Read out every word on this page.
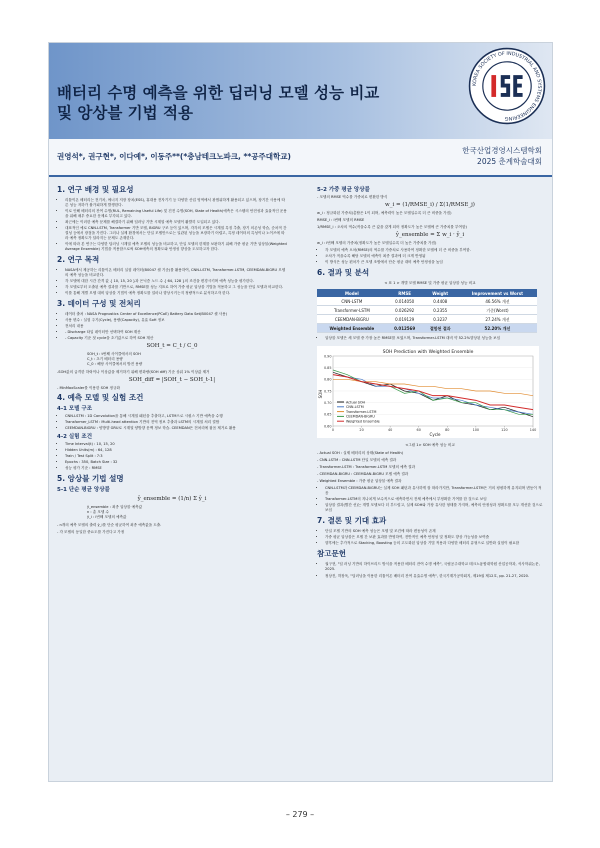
배터리 수명 예측을 위한 딥러닝 모델 성능 비교
및 앙상블 기법 적용
KOREA SOCIETY OF INDUSTRIAL AND SYSTEMS ENGINEERING
권영석*, 권구현*, 이다예*, 이동주**(*충남테크노파크, **공주대학교)
한국산업경영시스템학회
2025 춘계학술대회
1. 연구 배경 및 필요성
• 리튬이온 배터리는 전기차, 에너지 저장 장치(ESS), 휴대용 전자기기 등 다양한 산업 영역에서 광범위하게 활용되고 있으며, 장기간 사용에 따른 성능 저하가 불가피하게 발생한다.
• 이로 인해 배터리의 잔여 수명(RUL, Remaining Useful Life) 및 건전 수명(SOH, State of Health)예측은 시스템의 안전성과 효율적인 운용을 위해 매우 중요한 문제로 부각되고 있다.
• 최근에는 이러한 예측 문제를 해결하기 위해 딥러닝 기반 시계열 예측 모델이 활발히 도입되고 있다.
• 대표적인 예로 CNN-LSTM, Transformer 기반 모델, BiGRU 구조 등이 있으며, 각각의 모델은 시계열 특징 추출, 장기 의존성 학습, 순차적 간결성 등에서 장점을 가진다. 그러나 실제 환경에서는 단일 모델만으로는 일관된 성능을 보장하기 어렵고, 특정 데이터의 특성이나 노이즈에 따라 예측 정확도가 달라지는 문제도 존재한다.
• 이에 따라 본 연구는 다양한 딥러닝 시계열 예측 모델의 성능을 비교하고, 단일 모델의 한계를 보완하기 위해 가중 평균 기반 앙상블(Weighted Average Ensemble) 기법을 적용함으로써 SOH예측의 정확도와 안정성 향상을 도모하고자 한다.
2. 연구 목적
• NASA에서 제공하는 리튬이온 배터리 실험 데이터(B0047 셀 기준)를 활용하여, CNN-LSTM, Transformer-LSTM, CEEMDAN-BiGRU 모델의 예측 성능을 비교한다.
• 각 모델에 대한 시간 간격 값 { 10, 15, 20 }과 은닉층 노드 수 { 64, 128 }의 조건을 변경시키며 예측 성능을 평가한다.
• 각 모델로부터 도출된 예측 결과를 기반으로, RMSE를 성능 지표로 하여 가중 평균 앙상블 기법을 적용하고 그 성능을 단일 모델과 비교한다.
• 이를 통해 개별 모델 대비 앙상블 기법이 예측 정확도를 얼마나 향상시키는지 정량적으로 분석하고자 한다.
3. 데이터 구성 및 전처리
• 데이터 출처 : NASA Prognostics Center of Excellence(PCoE) Battery Data Set(B0047 셀 사용)
• 사용 변수 : 실험 주기(Cycle), 용량(Capacity), 유효 SoH 정보
• 전처리 내용
• - Discharge 타입 데이터만 선택하여 SOH 계산
• - Capacity 기준 첫 cycle을 초기값으로 하여 SOH 계산
SOH_t = C_t / C_0
SOH_t : t번째 사이클에서의 SOH
C_t : 초기 배터리 용량
C_0 : 해당 사이클에서의 방전 용량
-SOH값의 급격한 하락이나 이상값을 제거하기 위해 변화량(SOH diff) 기준 상위 1% 이상값 제거
SOH_diff = |SOH_t − SOH_t-1|
- MinMaxScaler를 이용한 SOH 정규화
4. 예측 모델 및 실험 조건
4-1 모델 구조
• CNN-LSTM : 1D Convolution을 통해 시계열 패턴을 추출하고, LSTM으로 시퀀스 기반 예측을 수행
• Transformer_LSTM : Multi-head attention 기반의 전역 정보 추출과 LSTM의 시계열 처리 결합
• CEEMDAN-BiGRU : 양방향 GRU로 시계열 양방향 문맥 정보 학습. CEEMDAN은 전처리에 잡음 제거로 활용
4-2 실험 조건
• Time Interval(t) : 10, 15, 20
• Hidden Units(m) : 64, 128
• Train / Test Split : 7:3
• Epochs : 350, Batch Size : 32
• 성능 평가 기준 : RMSE
5. 앙상블 기법 설명
5-1 단순 평균 앙상블
ŷ_ensemble = (1/n) Σ ŷ_i
ŷ_ensemble : 최종 앙상블 예측값
n : 총 모델 수
ŷ_i : i번째 모델의 예측값
- n개의 예측 모델의 출력 ŷ_i를 단순 평균하여 최종 예측값을 도출.
- 각 모델의 동일한 중요도를 가진다고 가정
5-2 가중 평균 앙상블
- 모델의 RMSE 역수를 가중치로 변환한 방식
w_i = (1/RMSE_i) / Σ(1/RMSE_j)
w_i : 정규화된 가중치(총합은 1이 되며, 예측력이 높은 모델일수록 더 큰 비중을 가짐)
RMSE_i : i번째 모델의 RMSE
1/RMSE_i : 오차의 역수(작을수록 큰 값을 갖게 되어 정확도가 높은 모델에 큰 가중치를 부여함)
ŷ_ensemble = Σ w_i · ŷ_i
w_i : i번째 모델의 가중치(정확도가 높은 모델일수록 더 높은 가중치를 가짐)
• 각 모델의 예측 오차(RMSE)의 역수를 가중치로 사용하여 정확한 모델에 더 큰 비중을 부여함.
• 오차가 적을수록 해당 모델의 예측이 최종 결과에 더 크게 반영됨
• 이 방식은 성능 편차가 큰 모델 조합에서 단순 평균 대비 예측 안정성을 높임
6. 결과 및 분석
< 표 1 > 개별 모델 RMSE 및 가중 평균 앙상블 성능 비교
Model	RMSE	Weight	Improvement vs Worst
CNN-LSTM	0.014050	0.4408	46.56% 개선
Transformer-LSTM	0.026292	0.2355	기준(Worst)
CEEMDAN-BiGRU	0.019129	0.3237	27.24% 개선
Weighted Ensemble	0.012569	결합된 결과	52.20% 개선
• 앙상블 모델은 세 모델 중 가장 높은 RMSE를 보였으며, Transformer-LSTM 대비 약 52.2%향상된 성능을 보임
SOH Prediction with Weighted Ensemble
Cycle
SOH
0.60
0.65
0.70
0.75
0.80
0.85
0.90
0	20	40	60	80	100	120	140
Actual SOH
CNN-LSTM
Transformer-LSTM
CEEMDAN-BiGRU
Weighted Ensemble
<그림 1> SOH 예측 성능 비교
- Actual SOH : 실제 배터리의 상태(State of Health)
- CNN-LSTM : CNN-LSTM 단일 모델의 예측 결과
- Transformer-LSTM : Transformer-LSTM 모델의 예측 결과
- CEEMDAN-BiGRU : CEEMDAN-BiGRU 모델 예측 결과
- Weighted Ensemble : 가중 평균 앙상블 예측 결과
• CNN-LSTM과 CEEMDAN-BiGRU는 실제 SOH 패턴과 유사하게 잘 따라가지만, Transformer-LSTM은 거의 평평하게 유지되며 변동이 적음
• Transformer-LSTM의 지나치게 보수적으로 예측하면서 전체 예측에서 부정확한 기여를 한 것으로 보임
• 앙상블 결과(빨간 선)는 개별 모델보다 더 부드럽고, 실제 SOH와 가장 유사한 형태를 가지며, 예측의 안정성과 정확도를 모두 개선한 것으로 보임
7. 결론 및 기대 효과
• 단일 모델 기반의 SOH 예측 성능은 모델 및 조건에 따라 변동성이 존재
• 가중 평균 앙상블은 모델 간 보완 효과를 반영하여, 전반적인 예측 안정성 및 정확도 향상 가능성을 보여줌
• 향후에는 추가적으로 Stacking, Boosting 등의 고도화된 앙상블 기법 적용과 다양한 배터리 유형으로 일반화 실험이 필요함
참고문헌
• 권구현, "딥 러닝 기반의 하이브리드 방식을 적용한 배터리 잔여 수명 예측", 국립공주대학교 테크노융합대학원 산업공학과, 석사학위논문, 2025.
• 정상진, 허장욱, "딥러닝을 이용한 리튬이온 배터리 잔여 유효수명 예측", 한국기계가공학회지, 제19권 제12호, pp. 21-27, 2020.
– 279 –
